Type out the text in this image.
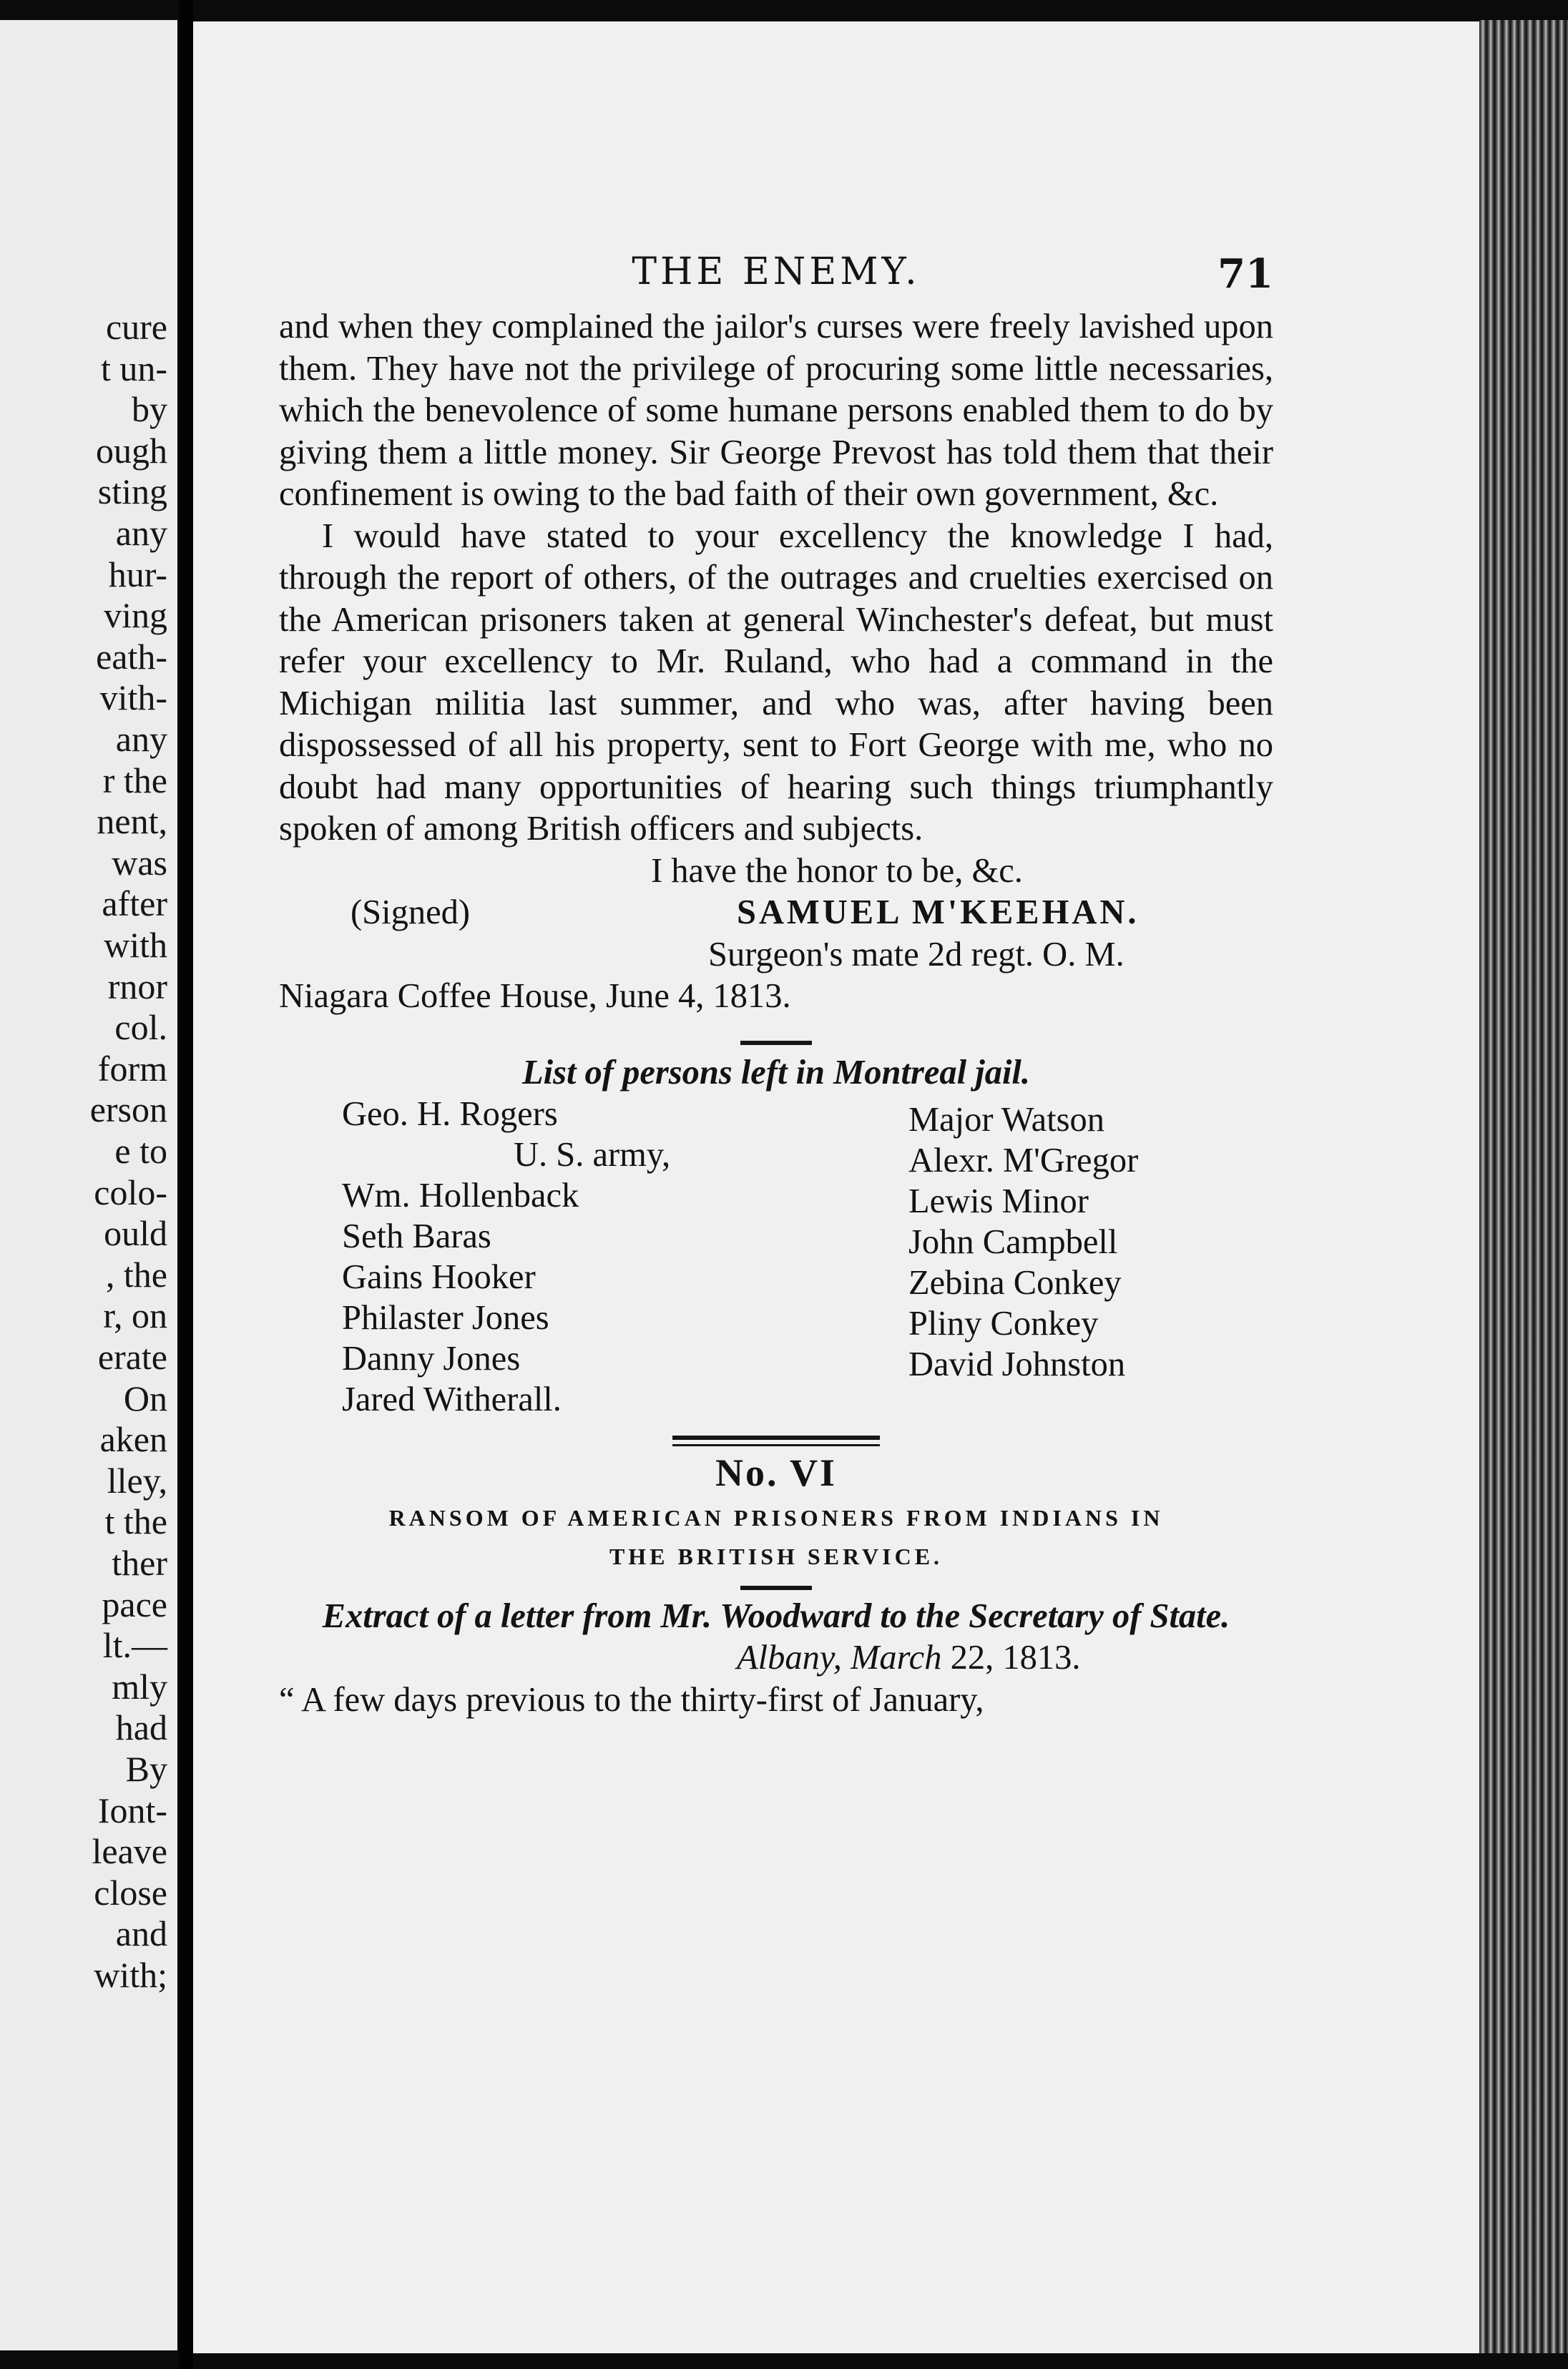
cure
t un-
by
ough
sting
any
hur-
ving
eath-
vith-
any
r the
nent,
was
after
with
rnor
col.
form
erson
e to
colo-
ould
, the
r, on
erate
On
aken
lley,
t the
ther
pace
lt.—
mly
had
By
Iont-
leave
close
and
with;
THE ENEMY.	71

and when they complained the jailor's curses were freely lavished upon them. They have not the privilege of procuring some little necessaries, which the benevolence of some humane persons enabled them to do by giving them a little money. Sir George Prevost has told them that their confinement is owing to the bad faith of their own government, &c.

I would have stated to your excellency the knowledge I had, through the report of others, of the outrages and cruelties exercised on the American prisoners taken at general Winchester's defeat, but must refer your excellency to Mr. Ruland, who had a command in the Michigan militia last summer, and who was, after having been dispossessed of all his property, sent to Fort George with me, who no doubt had many opportunities of hearing such things triumphantly spoken of among British officers and subjects.

I have the honor to be, &c.
(Signed)	SAMUEL M'KEEHAN.
Surgeon's mate 2d regt. O. M.
Niagara Coffee House, June 4, 1813.
List of persons left in Montreal jail.
Geo. H. Rogers
U. S. army,
Wm. Hollenback
Seth Baras
Gains Hooker
Philaster Jones
Danny Jones
Jared Witherall.
Major Watson
Alexr. M'Gregor
Lewis Minor
John Campbell
Zebina Conkey
Pliny Conkey
David Johnston
No. VI
RANSOM OF AMERICAN PRISONERS FROM INDIANS IN
THE BRITISH SERVICE.
Extract of a letter from Mr. Woodward to the Secretary of State.
Albany, March 22, 1813.
“ A few days previous to the thirty-first of January,
